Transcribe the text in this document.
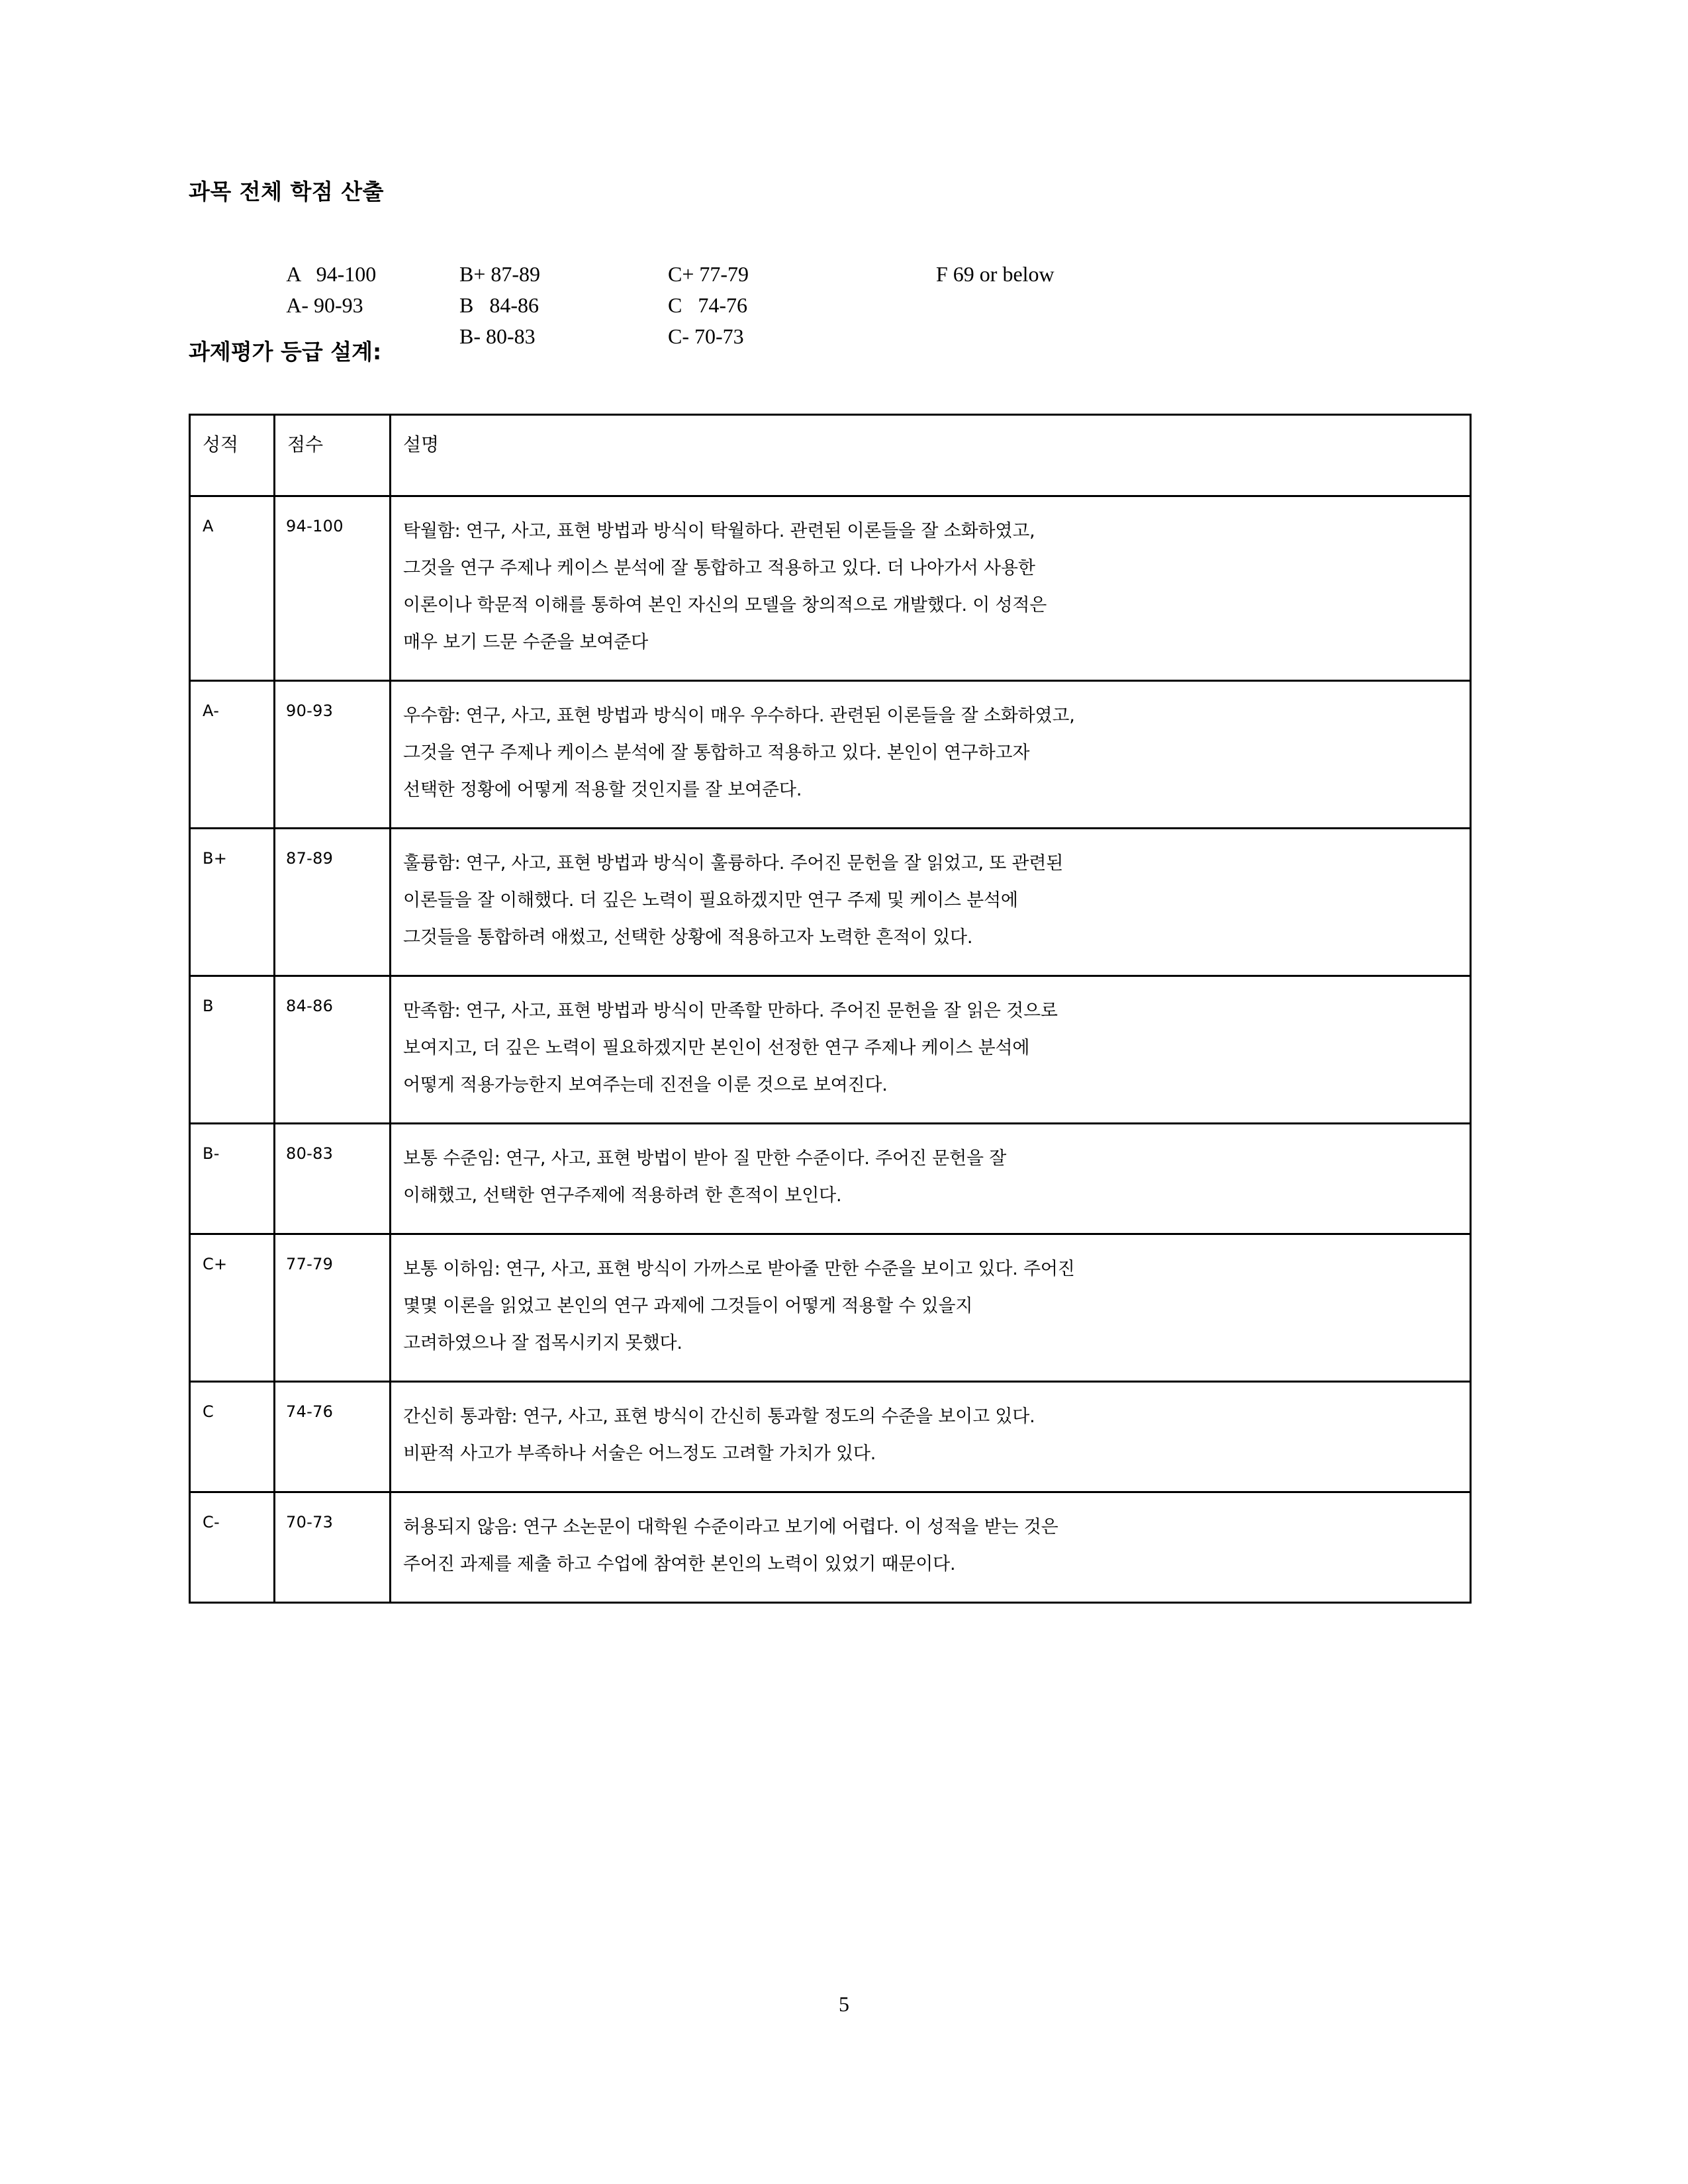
과목 전체 학점 산출

A   94-100
A- 90-93

B+ 87-89
B   84-86
B- 80-83

C+ 77-79
C   74-76
C- 70-73

F 69 or below

과제평가 등급 설계:
성적	점수	설명
A	94-100	탁월함: 연구, 사고, 표현 방법과 방식이 탁월하다. 관련된 이론들을 잘 소화하였고,
그것을 연구 주제나 케이스 분석에 잘 통합하고 적용하고 있다. 더 나아가서 사용한
이론이나 학문적 이해를 통하여 본인 자신의 모델을 창의적으로 개발했다. 이 성적은
매우 보기 드문 수준을 보여준다

A-	90-93	우수함: 연구, 사고, 표현 방법과 방식이 매우 우수하다. 관련된 이론들을 잘 소화하였고,
그것을 연구 주제나 케이스 분석에 잘 통합하고 적용하고 있다. 본인이 연구하고자
선택한 정황에 어떻게 적용할 것인지를 잘 보여준다.

B+	87-89	훌륭함: 연구, 사고, 표현 방법과 방식이 훌륭하다. 주어진 문헌을 잘 읽었고, 또 관련된
이론들을 잘 이해했다. 더 깊은 노력이 필요하겠지만 연구 주제 및 케이스 분석에
그것들을 통합하려 애썼고, 선택한 상황에 적용하고자 노력한 흔적이 있다.

B	84-86	만족함: 연구, 사고, 표현 방법과 방식이 만족할 만하다. 주어진 문헌을 잘 읽은 것으로
보여지고, 더 깊은 노력이 필요하겠지만 본인이 선정한 연구 주제나 케이스 분석에
어떻게 적용가능한지 보여주는데 진전을 이룬 것으로 보여진다.

B-	80-83	보통 수준임: 연구, 사고, 표현 방법이 받아 질 만한 수준이다. 주어진 문헌을 잘
이해했고, 선택한 연구주제에 적용하려 한 흔적이 보인다.

C+	77-79	보통 이하임: 연구, 사고, 표현 방식이 가까스로 받아줄 만한 수준을 보이고 있다. 주어진
몇몇 이론을 읽었고 본인의 연구 과제에 그것들이 어떻게 적용할 수 있을지
고려하였으나 잘 접목시키지 못했다.

C	74-76	간신히 통과함: 연구, 사고, 표현 방식이 간신히 통과할 정도의 수준을 보이고 있다.
비판적 사고가 부족하나 서술은 어느정도 고려할 가치가 있다.

C-	70-73	허용되지 않음: 연구 소논문이 대학원 수준이라고 보기에 어렵다. 이 성적을 받는 것은
주어진 과제를 제출 하고 수업에 참여한 본인의 노력이 있었기 때문이다.
5
